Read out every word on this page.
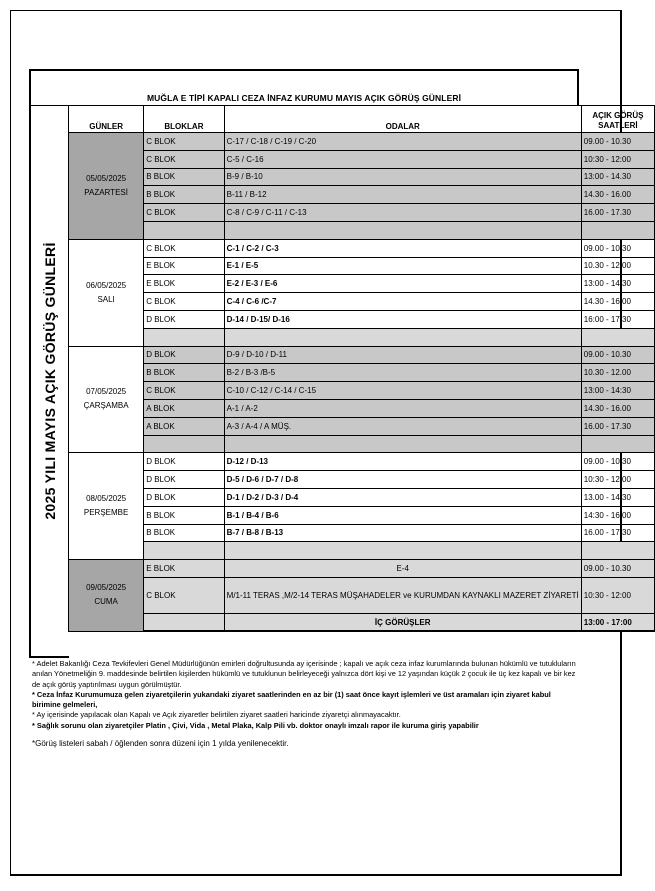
MUĞLA E TİPİ KAPALI CEZA İNFAZ KURUMU MAYIS AÇIK GÖRÜŞ GÜNLERİ
2025 YILI MAYIS AÇIK GÖRÜŞ GÜNLERİ
GÜNLER	BLOKLAR	ODALAR	AÇIK GÖRÜŞ SAATLERİ

05/05/2025
PAZARTESİ	C BLOK	C-17 / C-18 / C-19 / C-20	09.00 - 10.30
	C BLOK	C-5 / C-16	10:30 - 12:00
	B BLOK	B-9 / B-10	13:00 - 14.30
	B BLOK	B-11 / B-12	14.30 - 16.00
	C BLOK	C-8 / C-9 / C-11 / C-13	16.00 - 17.30

06/05/2025
SALI	C BLOK	C-1 / C-2 / C-3	09.00 - 10.30
	E BLOK	E-1 / E-5	10.30 - 12.00
	E BLOK	E-2 / E-3 / E-6	13:00 - 14:30
	C BLOK	C-4 / C-6 /C-7	14.30 - 16.00
	D BLOK	D-14 / D-15/ D-16	16:00 - 17.30

07/05/2025
ÇARŞAMBA	D BLOK	D-9 / D-10 / D-11	09.00 - 10.30
	B BLOK	B-2 / B-3 /B-5	10.30 - 12.00
	C BLOK	C-10 / C-12 / C-14 / C-15	13:00 - 14:30
	A BLOK	A-1 / A-2	14.30 - 16.00
	A BLOK	A-3 / A-4 / A MÜŞ.	16.00 - 17.30

08/05/2025
PERŞEMBE	D BLOK	D-12 / D-13	09.00 - 10.30
	D BLOK	D-5 / D-6 / D-7 / D-8	10:30 - 12:00
	D BLOK	D-1 / D-2 / D-3 / D-4	13.00 - 14.30
	B BLOK	B-1 / B-4 / B-6	14:30 - 16:00
	B BLOK	B-7 / B-8 / B-13	16.00 - 17.30

09/05/2025
CUMA	E BLOK	E-4	09.00 - 10.30
	C BLOK	M/1-11 TERAS ,M/2-14 TERAS MÜŞAHADELER ve KURUMDAN KAYNAKLI MAZERET ZİYARETİ	10:30 - 12:00
		İÇ GÖRÜŞLER	13:00 - 17:00

* Adelet Bakanlığı Ceza Tevkifevleri Genel Müdürlüğünün emirleri doğrultusunda ay içerisinde ; kapalı ve açık ceza infaz kurumlarında bulunan hükümlü ve tutukluların anılan Yönetmeliğin 9. maddesinde belirtilen kişilerden hükümlü ve tutuklunun belirleyeceği yalnızca dört kişi ve 12 yaşından küçük 2 çocuk ile üç kez kapalı ve bir kez de açık görüş yaptırılması uygun görülmüştür.

* Ceza İnfaz Kurumumuza gelen ziyaretçilerin yukarıdaki ziyaret saatlerinden en az bir (1) saat önce kayıt işlemleri ve üst aramaları için ziyaret kabul birimine gelmeleri,

* Ay içerisinde yapılacak olan Kapalı ve Açık ziyaretler belirtilen ziyaret saatleri haricinde ziyaretçi alınmayacaktır.

* Sağlık sorunu olan ziyaretçiler Platin , Çivi, Vida , Metal Plaka, Kalp Pili vb. doktor onaylı imzalı rapor ile kuruma giriş yapabilir

*Görüş listeleri sabah / öğlenden sonra düzeni için 1 yılda yenilenecektir.
